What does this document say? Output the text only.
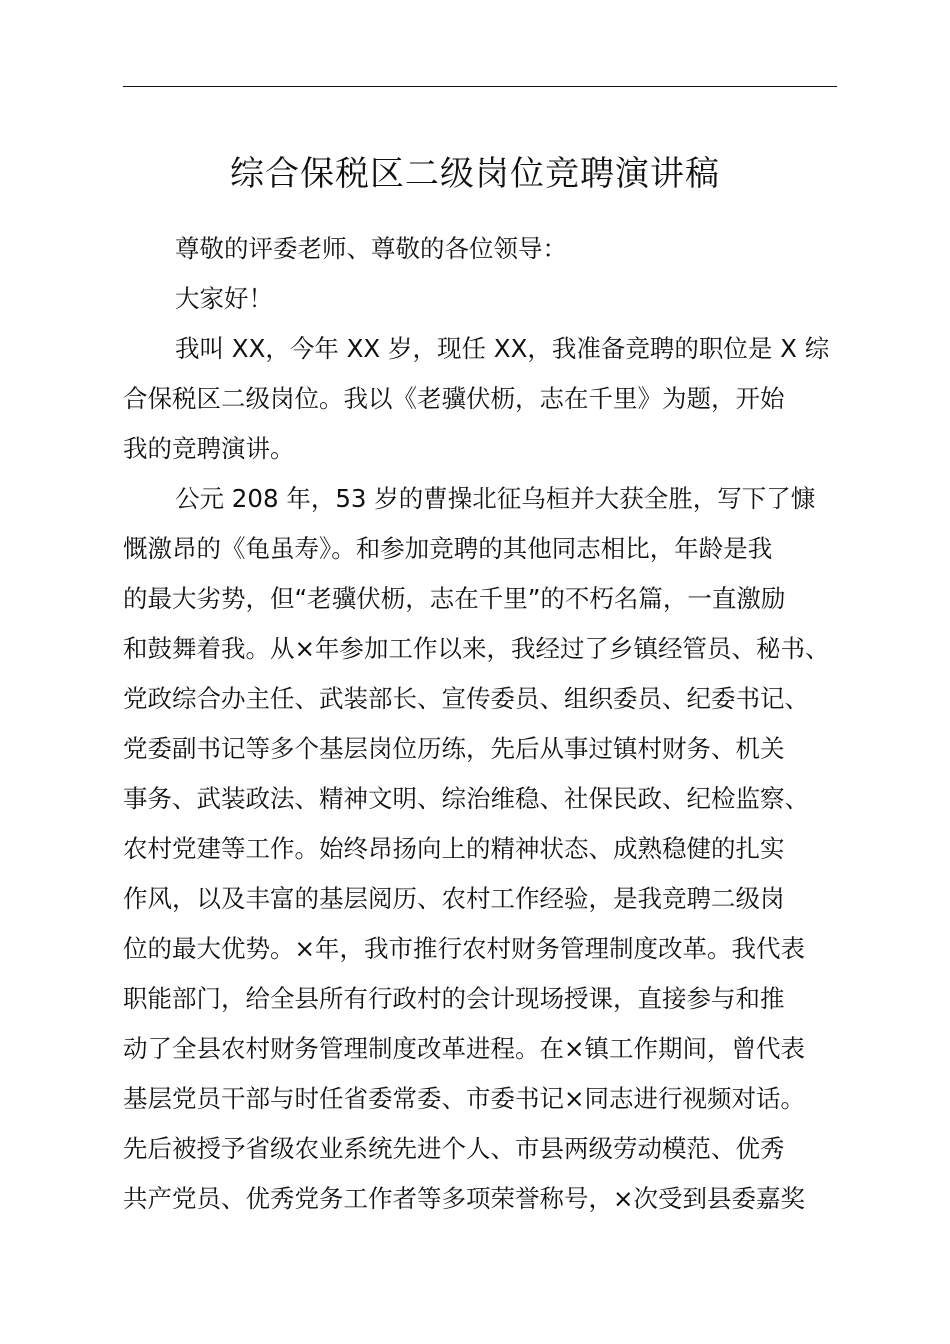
综合保税区二级岗位竞聘演讲稿
尊敬的评委老师、尊敬的各位领导：
大家好！
我叫 XX，今年 XX 岁，现任 XX，我准备竞聘的职位是 X 综
合保税区二级岗位。我以《老骥伏枥，志在千里》为题，开始
我的竞聘演讲。
公元 208 年，53 岁的曹操北征乌桓并大获全胜，写下了慷
慨激昂的《龟虽寿》。和参加竞聘的其他同志相比，年龄是我
的最大劣势，但“老骥伏枥，志在千里”的不朽名篇，一直激励
和鼓舞着我。从×年参加工作以来，我经过了乡镇经管员、秘书、
党政综合办主任、武装部长、宣传委员、组织委员、纪委书记、
党委副书记等多个基层岗位历练，先后从事过镇村财务、机关
事务、武装政法、精神文明、综治维稳、社保民政、纪检监察、
农村党建等工作。始终昂扬向上的精神状态、成熟稳健的扎实
作风，以及丰富的基层阅历、农村工作经验，是我竞聘二级岗
位的最大优势。×年，我市推行农村财务管理制度改革。我代表
职能部门，给全县所有行政村的会计现场授课，直接参与和推
动了全县农村财务管理制度改革进程。在×镇工作期间，曾代表
基层党员干部与时任省委常委、市委书记×同志进行视频对话。
先后被授予省级农业系统先进个人、市县两级劳动模范、优秀
共产党员、优秀党务工作者等多项荣誉称号，×次受到县委嘉奖
